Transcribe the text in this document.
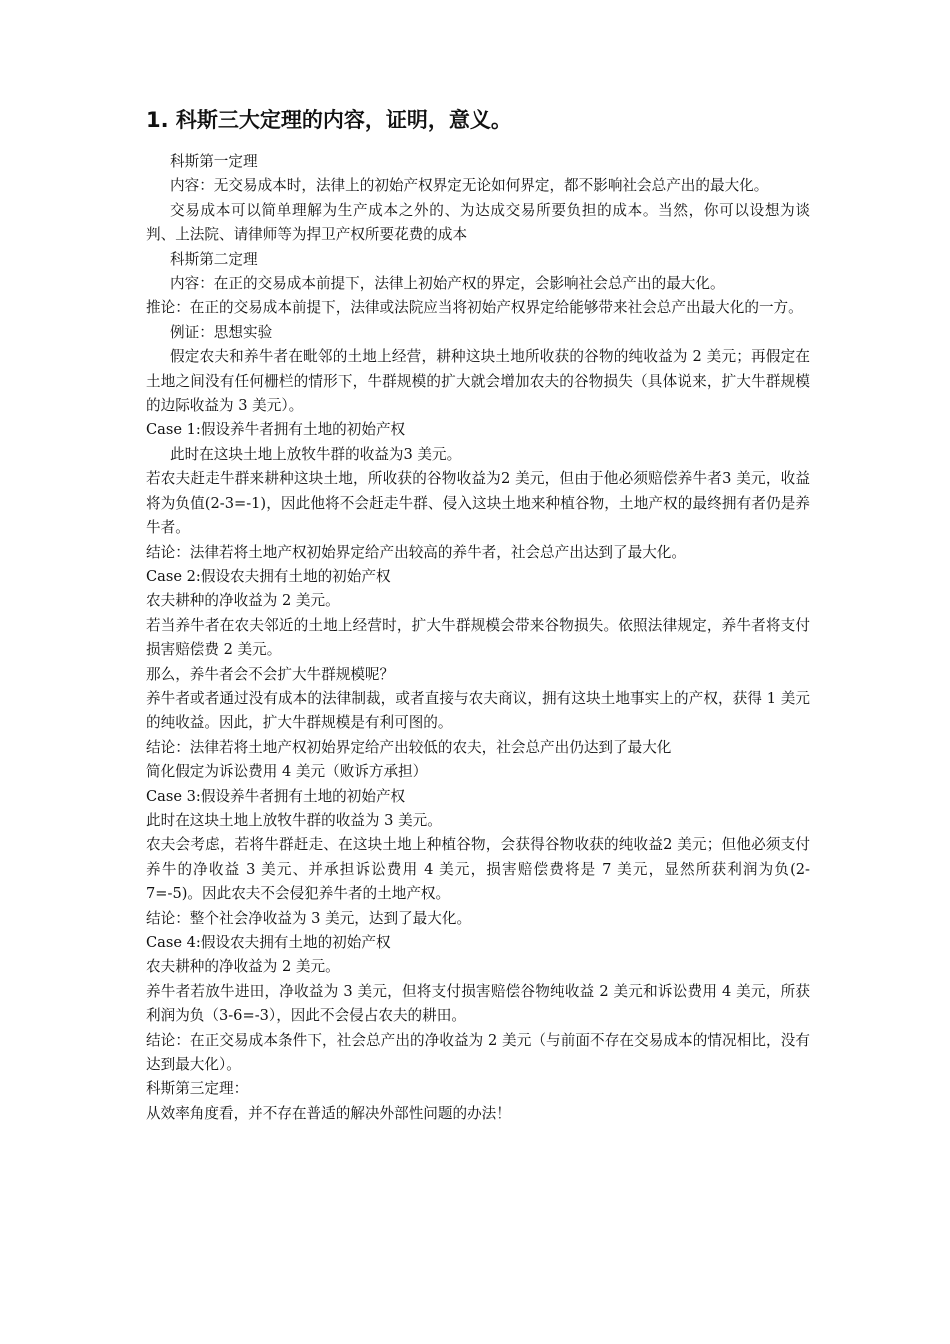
1. 科斯三大定理的内容，证明，意义。

科斯第一定理

内容：无交易成本时，法律上的初始产权界定无论如何界定，都不影响社会总产出的最大化。

交易成本可以简单理解为生产成本之外的、为达成交易所要负担的成本。当然，你可以设想为谈判、上法院、请律师等为捍卫产权所要花费的成本

科斯第二定理

内容：在正的交易成本前提下，法律上初始产权的界定，会影响社会总产出的最大化。

推论：在正的交易成本前提下，法律或法院应当将初始产权界定给能够带来社会总产出最大化的一方。

例证：思想实验

假定农夫和养牛者在毗邻的土地上经营，耕种这块土地所收获的谷物的纯收益为 2 美元；再假定在土地之间没有任何栅栏的情形下，牛群规模的扩大就会增加农夫的谷物损失（具体说来，扩大牛群规模的边际收益为 3 美元）。

Case 1:假设养牛者拥有土地的初始产权

此时在这块土地上放牧牛群的收益为3 美元。

若农夫赶走牛群来耕种这块土地，所收获的谷物收益为2 美元，但由于他必须赔偿养牛者3 美元，收益将为负值(2-3=-1)，因此他将不会赶走牛群、侵入这块土地来种植谷物，土地产权的最终拥有者仍是养牛者。

结论：法律若将土地产权初始界定给产出较高的养牛者，社会总产出达到了最大化。

Case 2:假设农夫拥有土地的初始产权

农夫耕种的净收益为 2 美元。

若当养牛者在农夫邻近的土地上经营时，扩大牛群规模会带来谷物损失。依照法律规定，养牛者将支付损害赔偿费 2 美元。

那么，养牛者会不会扩大牛群规模呢？

养牛者或者通过没有成本的法律制裁，或者直接与农夫商议，拥有这块土地事实上的产权，获得 1 美元的纯收益。因此，扩大牛群规模是有利可图的。

结论：法律若将土地产权初始界定给产出较低的农夫，社会总产出仍达到了最大化

简化假定为诉讼费用 4 美元（败诉方承担）

Case 3:假设养牛者拥有土地的初始产权

此时在这块土地上放牧牛群的收益为 3 美元。

农夫会考虑，若将牛群赶走、在这块土地上种植谷物，会获得谷物收获的纯收益2 美元；但他必须支付养牛的净收益 3 美元、并承担诉讼费用 4 美元，损害赔偿费将是 7 美元，显然所获利润为负(2-7=-5)。因此农夫不会侵犯养牛者的土地产权。

结论：整个社会净收益为 3 美元，达到了最大化。

Case 4:假设农夫拥有土地的初始产权

农夫耕种的净收益为 2 美元。

养牛者若放牛进田，净收益为 3 美元，但将支付损害赔偿谷物纯收益 2 美元和诉讼费用 4 美元，所获利润为负（3-6=-3），因此不会侵占农夫的耕田。

结论：在正交易成本条件下，社会总产出的净收益为 2 美元（与前面不存在交易成本的情况相比，没有达到最大化）。

科斯第三定理：

从效率角度看，并不存在普适的解决外部性问题的办法！
